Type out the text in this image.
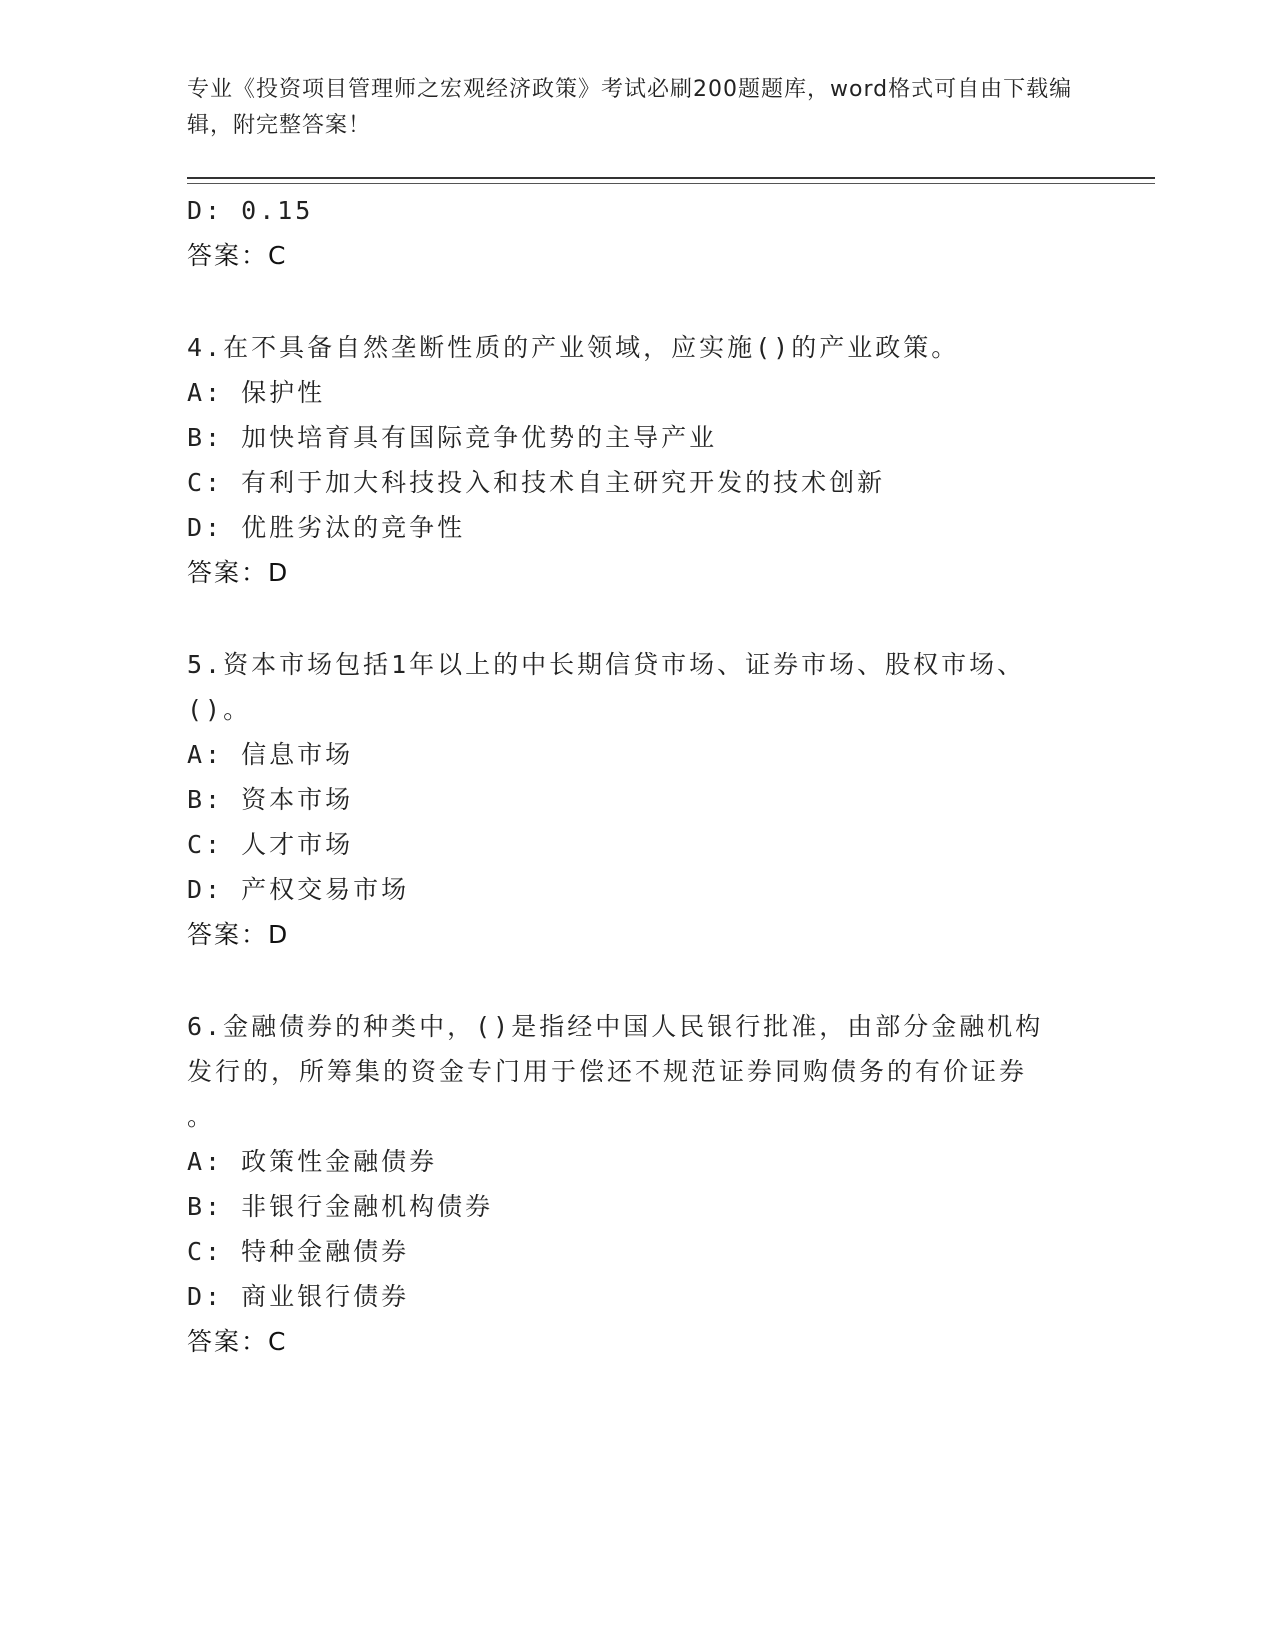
专业《投资项目管理师之宏观经济政策》考试必刷200题题库，word格式可自由下载编辑，附完整答案！
D: 0.15
答案：C
4.在不具备自然垄断性质的产业领域，应实施()的产业政策。
A: 保护性
B: 加快培育具有国际竞争优势的主导产业
C: 有利于加大科技投入和技术自主研究开发的技术创新
D: 优胜劣汰的竞争性
答案：D
5.资本市场包括1年以上的中长期信贷市场、证券市场、股权市场、
()。
A: 信息市场
B: 资本市场
C: 人才市场
D: 产权交易市场
答案：D
6.金融债券的种类中，()是指经中国人民银行批准，由部分金融机构
发行的，所筹集的资金专门用于偿还不规范证券同购债务的有价证券
。
A: 政策性金融债券
B: 非银行金融机构债券
C: 特种金融债券
D: 商业银行债券
答案：C
